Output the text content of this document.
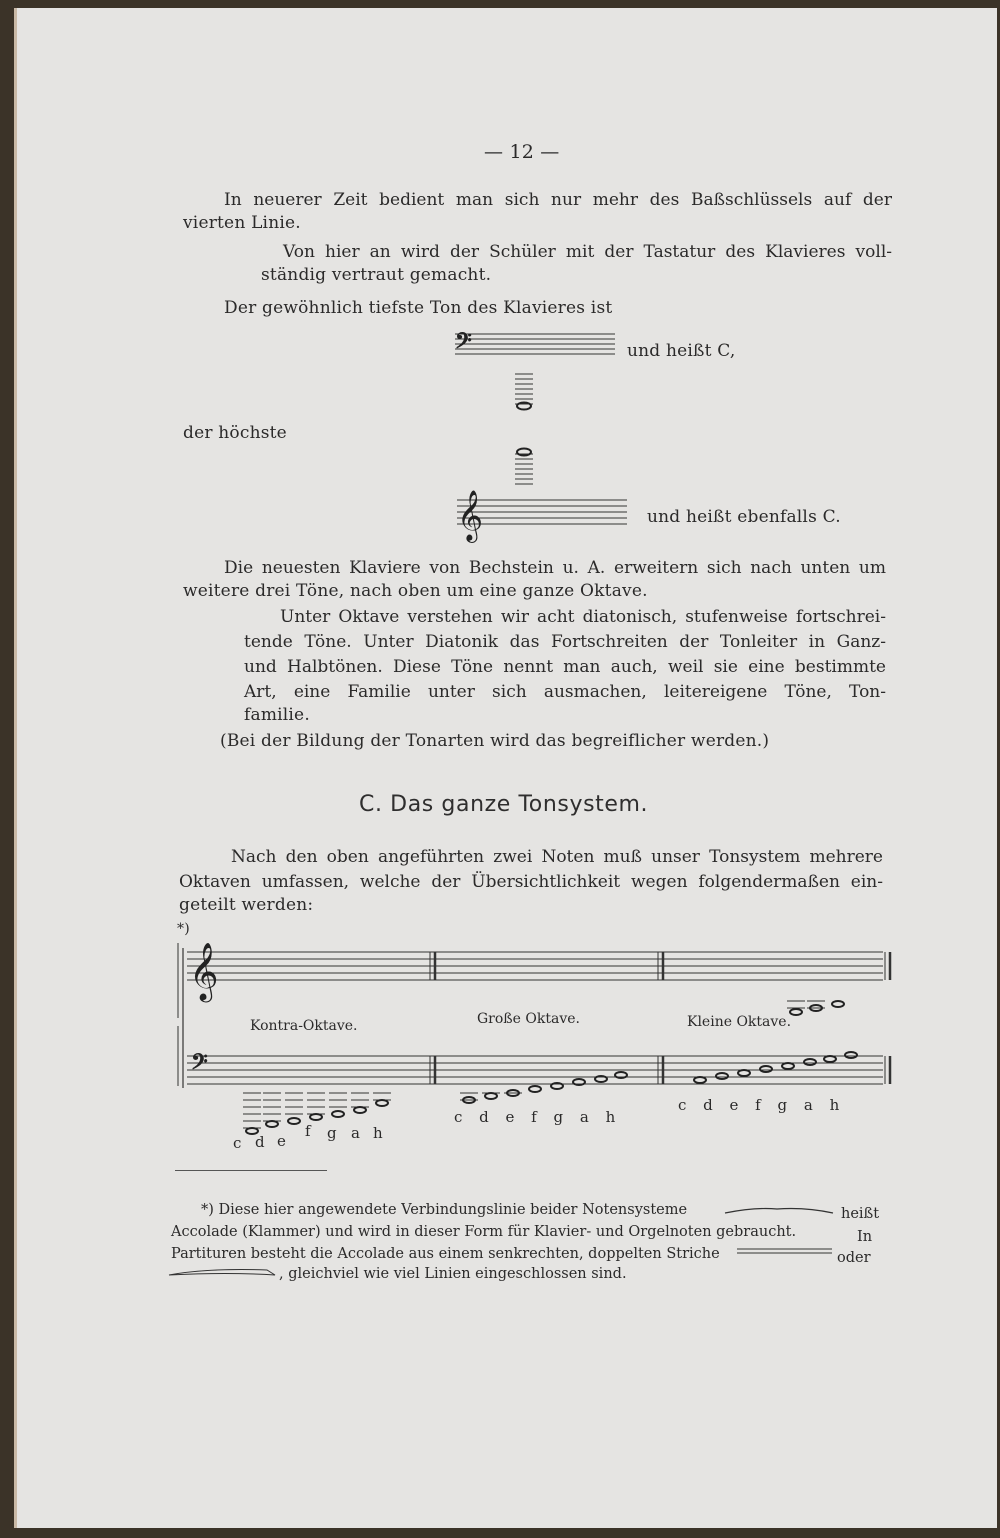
— 12 —
In neuerer Zeit bedient man sich nur mehr des Baßschlüssels auf der
vierten Linie.
Von hier an wird der Schüler mit der Tastatur des Klavieres voll-
ständig vertraut gemacht.
Der gewöhnlich tiefste Ton des Klavieres ist
𝄢	und heißt C,
der höchste
𝄞	und heißt ebenfalls C.
Die neuesten Klaviere von Bechstein u. A. erweitern sich nach unten um
weitere drei Töne, nach oben um eine ganze Oktave.
Unter Oktave verstehen wir acht diatonisch, stufenweise fortschrei-
tende Töne. Unter Diatonik das Fortschreiten der Tonleiter in Ganz-
und Halbtönen. Diese Töne nennt man auch, weil sie eine bestimmte
Art, eine Familie unter sich ausmachen, leitereigene Töne, Ton-
familie.
(Bei der Bildung der Tonarten wird das begreiflicher werden.)
C. Das ganze Tonsystem.
Nach den oben angeführten zwei Noten muß unser Tonsystem mehrere
Oktaven umfassen, welche der Übersichtlichkeit wegen folgendermaßen ein-
geteilt werden:
*)
𝄞
𝄢
Kontra-Oktave.	Große Oktave.	Kleine Oktave.
c d e
f g a h
c d e f g a h
c d e f g a h
*) Diese hier angewendete Verbindungslinie beider Notensysteme	heißt
Accolade (Klammer) und wird in dieser Form für Klavier- und Orgelnoten gebraucht.	In
Partituren besteht die Accolade aus einem senkrechten, doppelten Striche	oder
, gleichviel wie viel Linien eingeschlossen sind.
